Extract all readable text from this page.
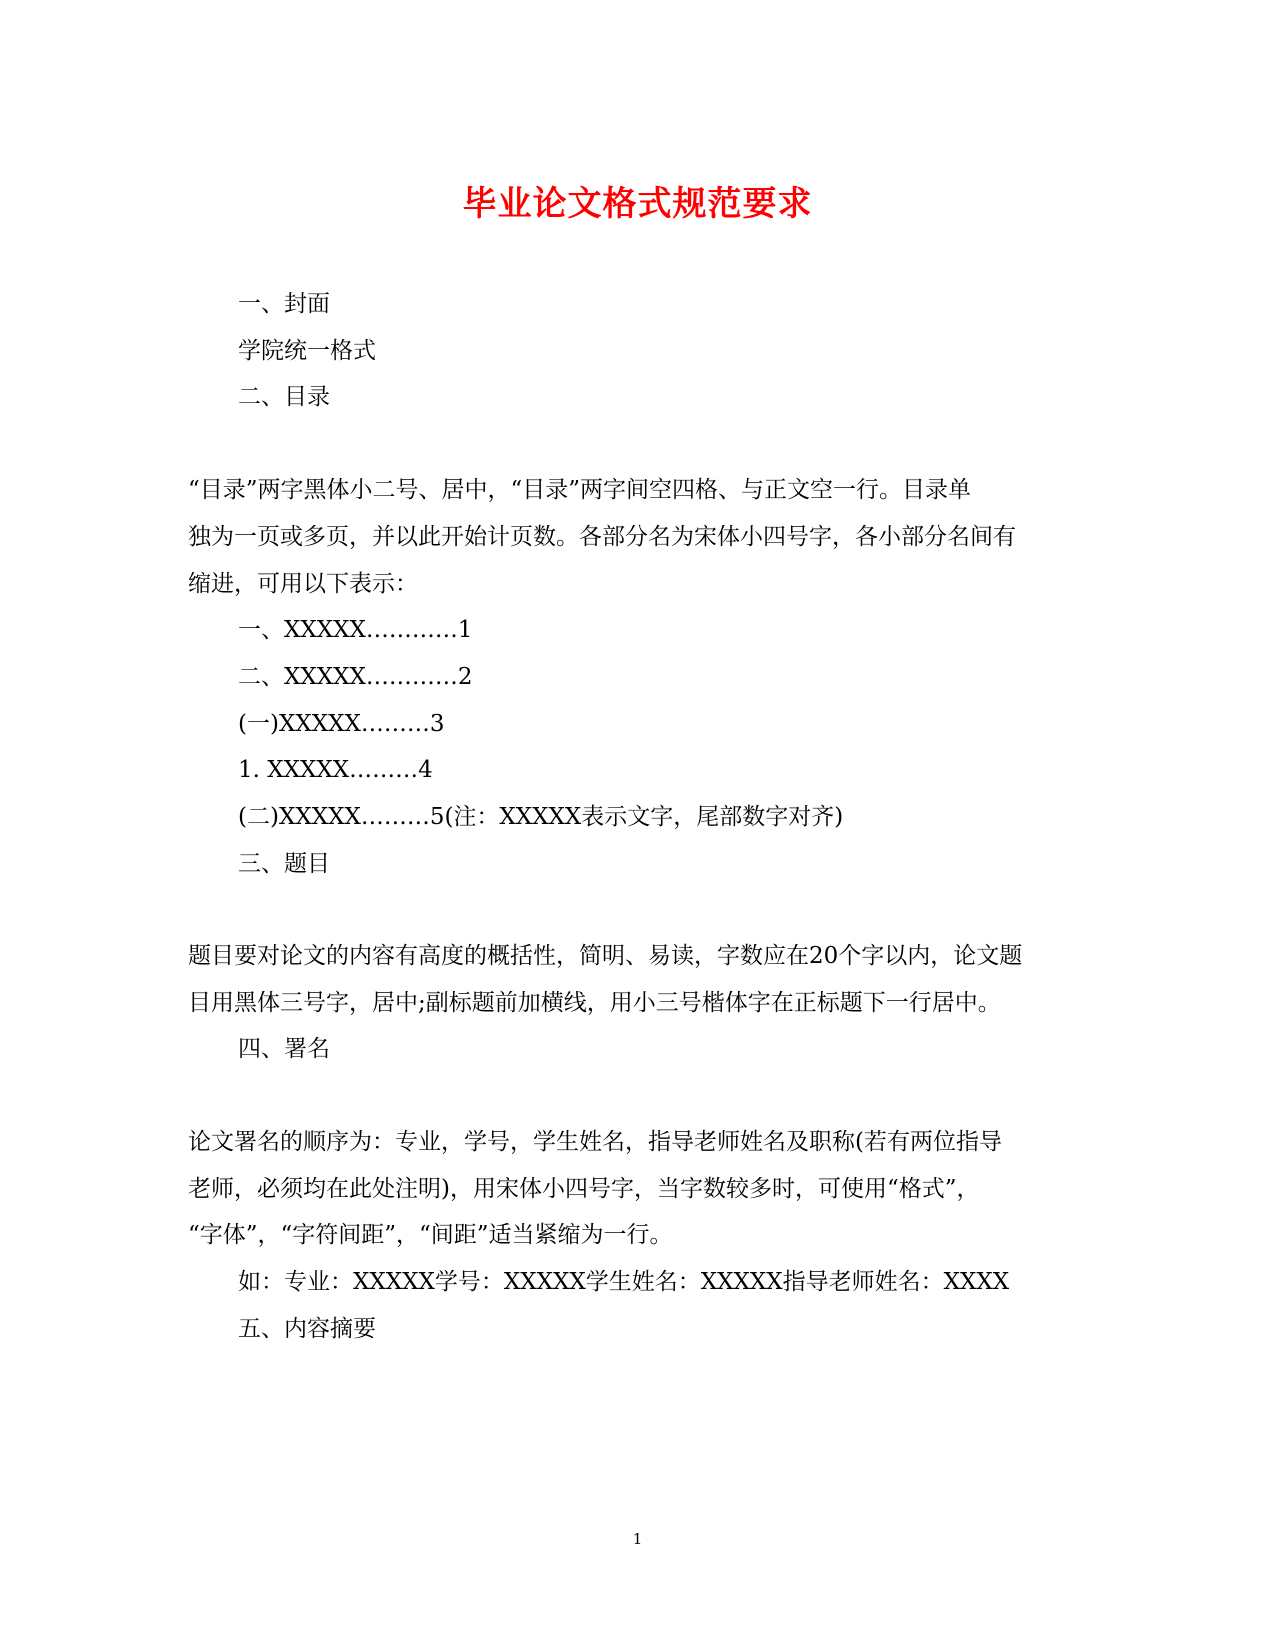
毕业论文格式规范要求
一、封面
学院统一格式
二、目录
“目录”两字黑体小二号、居中，“目录”两字间空四格、与正文空一行。目录单
独为一页或多页，并以此开始计页数。各部分名为宋体小四号字，各小部分名间有
缩进，可用以下表示：
一、XXXXX…………1
二、XXXXX…………2
(一)XXXXX………3
1. XXXXX………4
(二)XXXXX………5(注：XXXXX表示文字，尾部数字对齐)
三、题目
题目要对论文的内容有高度的概括性，简明、易读，字数应在20个字以内，论文题
目用黑体三号字，居中;副标题前加横线，用小三号楷体字在正标题下一行居中。
四、署名
论文署名的顺序为：专业，学号，学生姓名，指导老师姓名及职称(若有两位指导
老师，必须均在此处注明)，用宋体小四号字，当字数较多时，可使用“格式”，
“字体”，“字符间距”，“间距”适当紧缩为一行。
如：专业：XXXXX学号：XXXXX学生姓名：XXXXX指导老师姓名：XXXX
五、内容摘要
1
